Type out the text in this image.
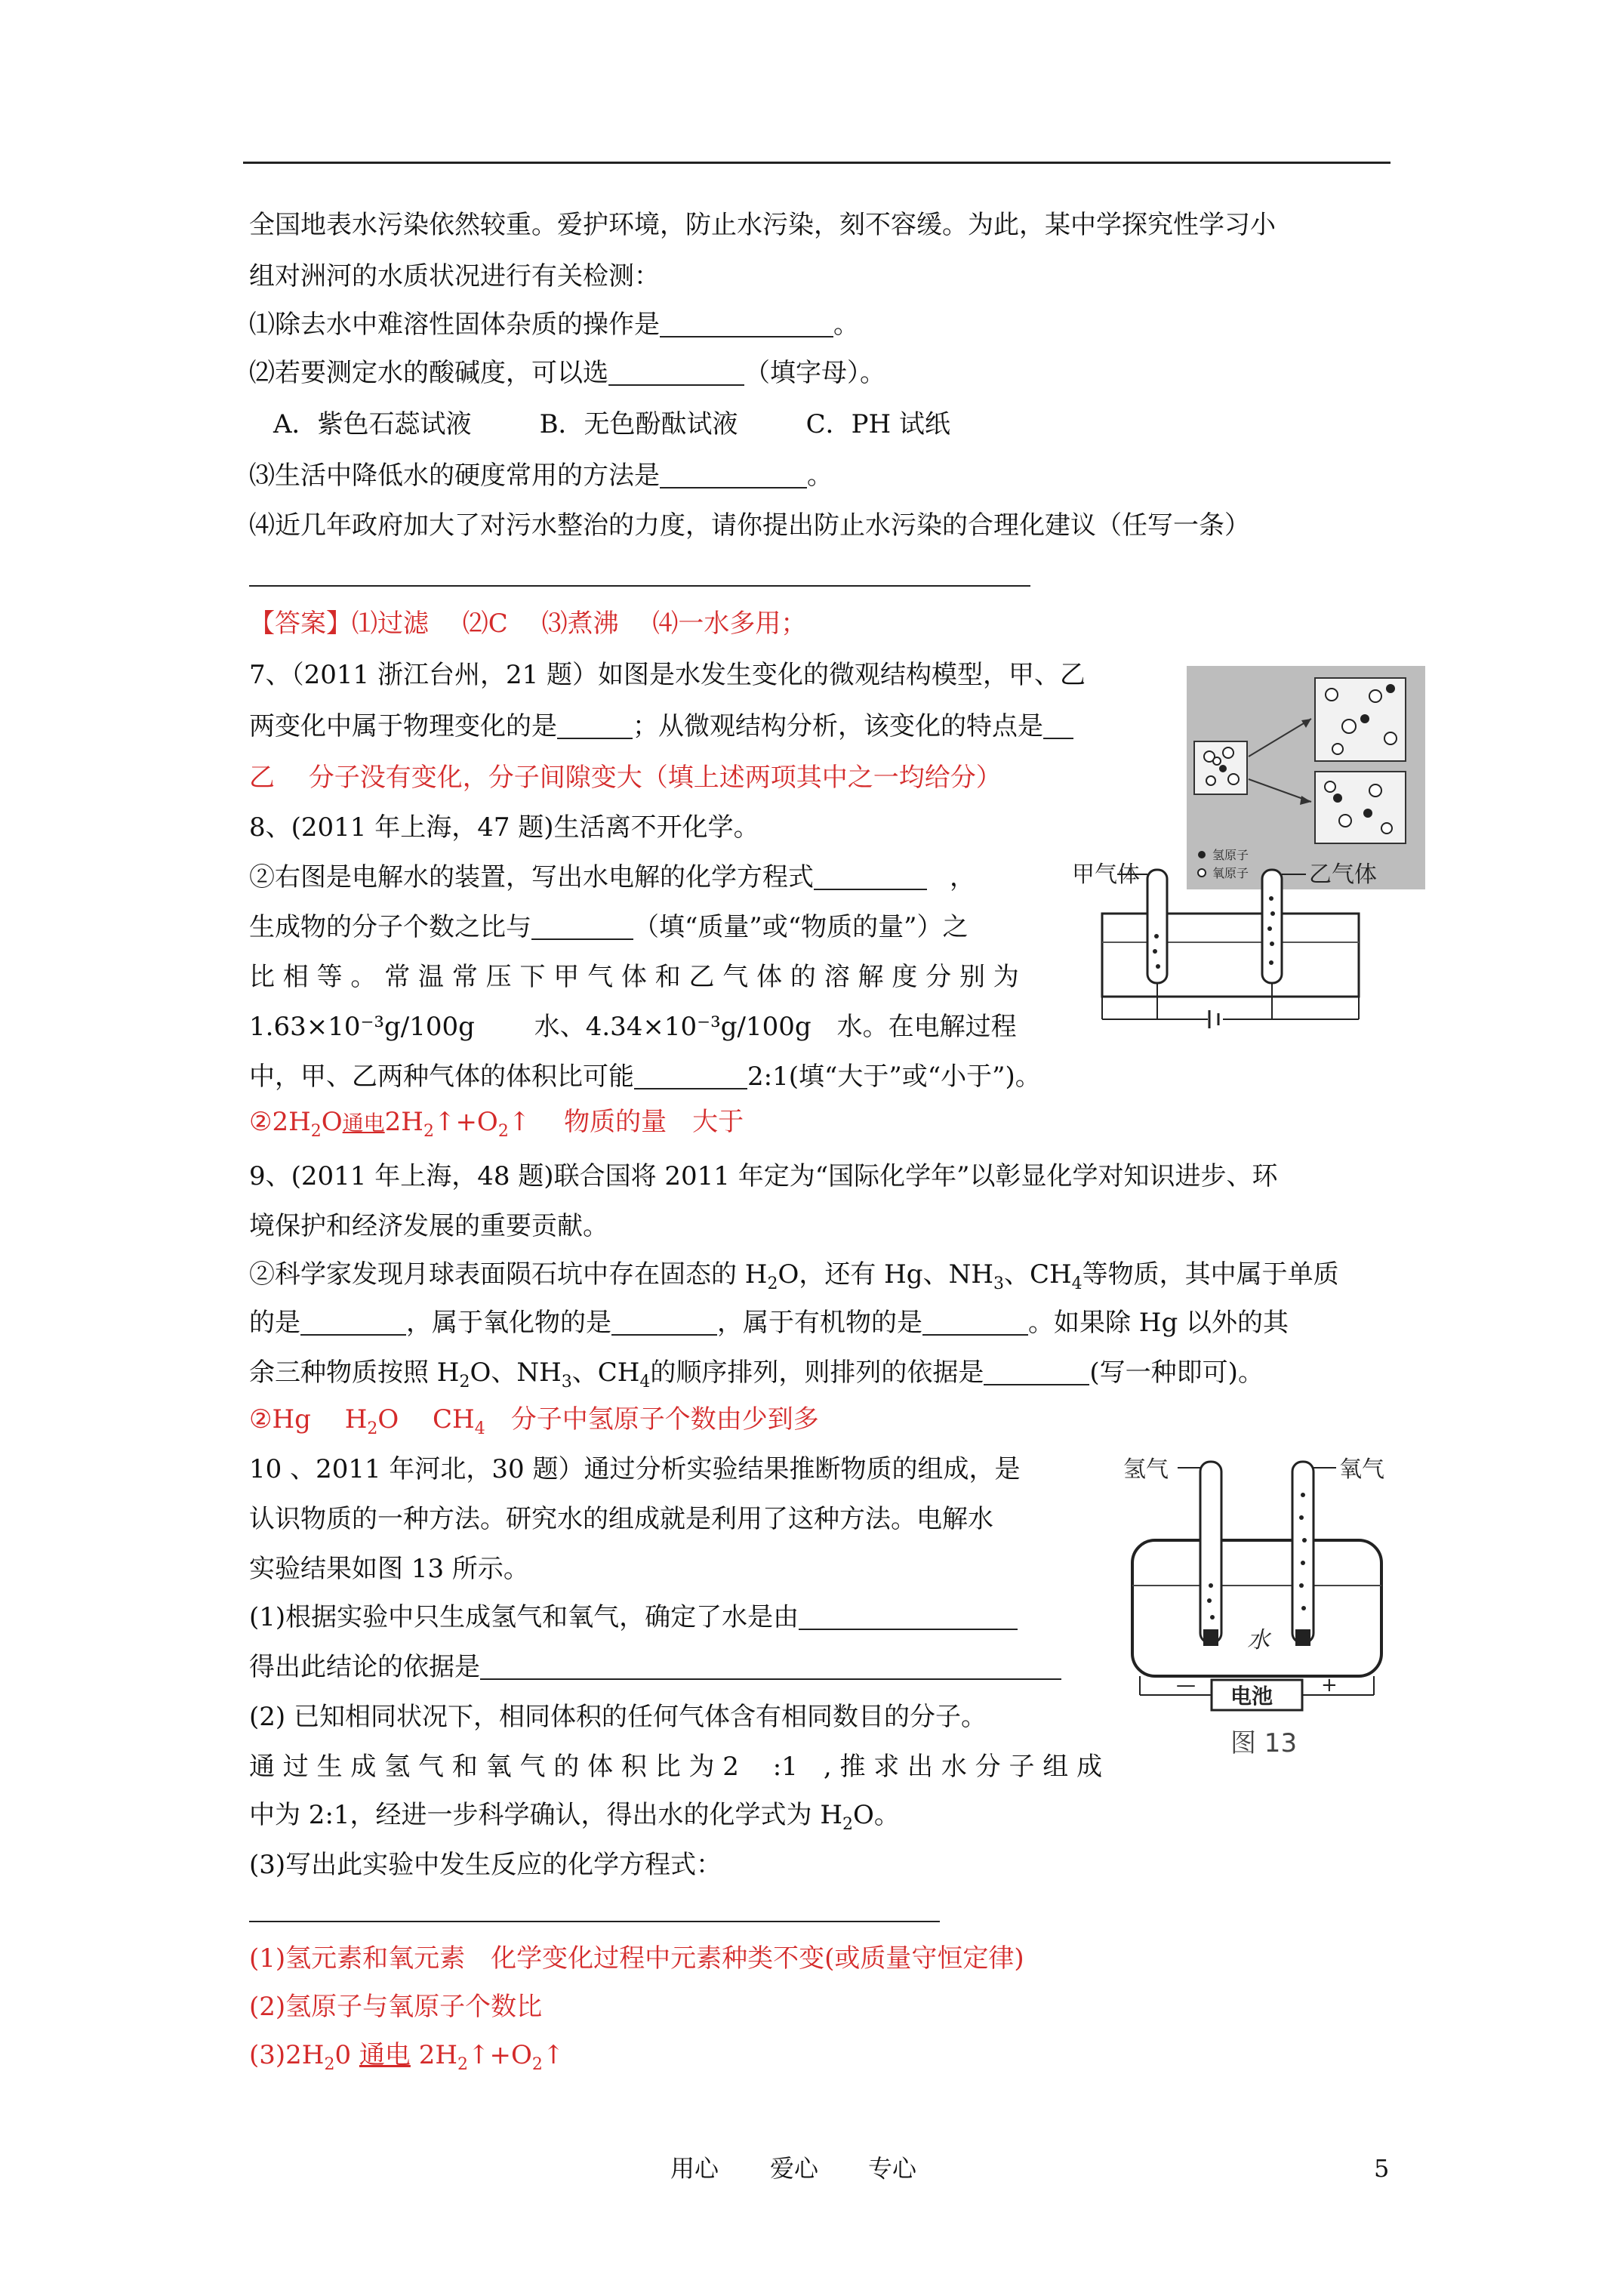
全国地表水污染依然较重。爱护环境，防止水污染，刻不容缓。为此，某中学探究性学习小
组对洲河的水质状况进行有关检测：
⑴除去水中难溶性固体杂质的操作是	。
⑵若要测定水的酸碱度，可以选	（填字母）。
A．紫色石蕊试液	B．无色酚酞试液	C．PH 试纸
⑶生活中降低水的硬度常用的方法是	。
⑷近几年政府加大了对污水整治的力度，请你提出防止水污染的合理化建议（任写一条）
【答案】⑴过滤　 ⑵C　 ⑶煮沸　 ⑷一水多用；
7、（2011 浙江台州，21 题）如图是水发生变化的微观结构模型，甲、乙
两变化中属于物理变化的是	；从微观结构分析，该变化的特点是
乙　 分子没有变化，分子间隙变大（填上述两项其中之一均给分）
氢原子
氧原子
8、(2011 年上海，47 题)生活离不开化学。
②右图是电解水的装置，写出水电解的化学方程式	，
生成物的分子个数之比与	（填“质量”或“物质的量”）之
比 相 等 。 常 温 常 压 下 甲 气 体 和 乙 气 体 的 溶 解 度 分 别 为
1.63×10⁻³g/100g　　 水、4.34×10⁻³g/100g　水。在电解过程
中，甲、乙两种气体的体积比可能	2:1(填“大于”或“小于”)。
$②2H_2O$通电$2H_2↑+O_2↑$　 物质的量　大于
甲气体	乙气体
9、(2011 年上海，48 题)联合国将 2011 年定为“国际化学年”以彰显化学对知识进步、环
境保护和经济发展的重要贡献。
②科学家发现月球表面陨石坑中存在固态的 $H_2O$，还有 Hg、$NH_3$、$CH_4$等物质，其中属于单质
的是	，属于氧化物的是	，属于有机物的是	。如果除 Hg 以外的其
余三种物质按照 $H_2O$、$NH_3$、$CH_4$的顺序排列，则排列的依据是	(写一种即可)。
②Hg　 $H_2O$　 $CH_4$　分子中氢原子个数由少到多
10 、2011 年河北，30 题）通过分析实验结果推断物质的组成，是
认识物质的一种方法。研究水的组成就是利用了这种方法。电解水
实验结果如图 13 所示。
(1)根据实验中只生成氢气和氧气，确定了水是由
得出此结论的依据是
(2) 已知相同状况下，相同体积的任何气体含有相同数目的分子。
通 过 生 成 氢 气 和 氧 气 的 体 积 比 为 2 　:1　, 推 求 出 水 分 子 组 成
中为 2:1，经进一步科学确认，得出水的化学式为 $H_2O$。
(3)写出此实验中发生反应的化学方程式：
(1)氢元素和氧元素　化学变化过程中元素种类不变(或质量守恒定律)
(2)氢原子与氧原子个数比
$(3)2H_20$ 通电 $2H_2↑+O_2↑$
水
氢气	氧气
电池
—	+
图 13
用心 爱心 专心	5
